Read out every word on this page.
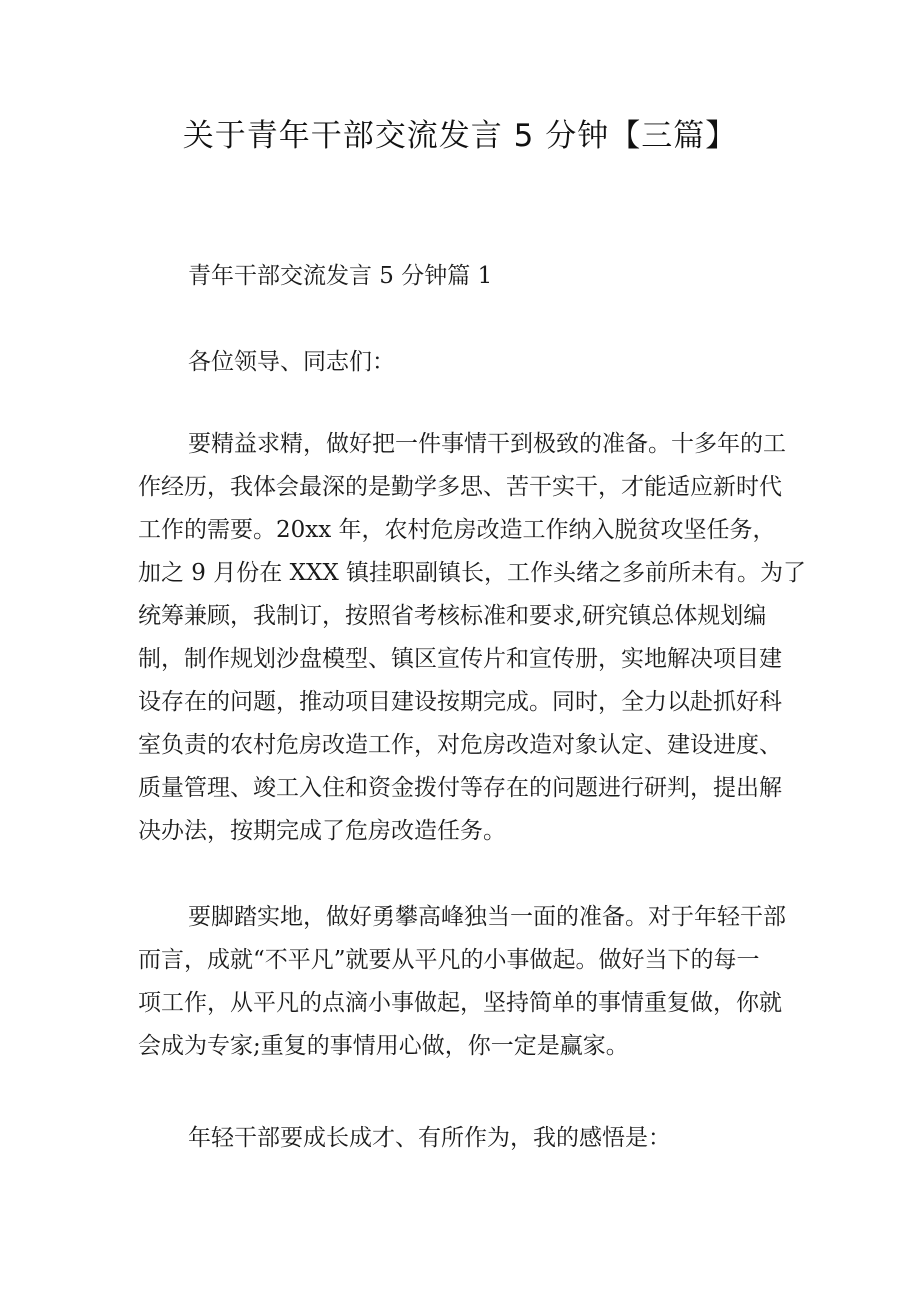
关于青年干部交流发言 5 分钟【三篇】

青年干部交流发言 5 分钟篇 1

各位领导、同志们：

要精益求精，做好把一件事情干到极致的准备。十多年的工

作经历，我体会最深的是勤学多思、苦干实干，才能适应新时代

工作的需要。20xx 年，农村危房改造工作纳入脱贫攻坚任务，

加之 9 月份在 XXX 镇挂职副镇长，工作头绪之多前所未有。为了

统筹兼顾，我制订，按照省考核标准和要求,研究镇总体规划编

制，制作规划沙盘模型、镇区宣传片和宣传册，实地解决项目建

设存在的问题，推动项目建设按期完成。同时，全力以赴抓好科

室负责的农村危房改造工作，对危房改造对象认定、建设进度、

质量管理、竣工入住和资金拨付等存在的问题进行研判，提出解

决办法，按期完成了危房改造任务。

要脚踏实地，做好勇攀高峰独当一面的准备。对于年轻干部

而言，成就“不平凡”就要从平凡的小事做起。做好当下的每一

项工作，从平凡的点滴小事做起，坚持简单的事情重复做，你就

会成为专家;重复的事情用心做，你一定是赢家。

年轻干部要成长成才、有所作为，我的感悟是：
